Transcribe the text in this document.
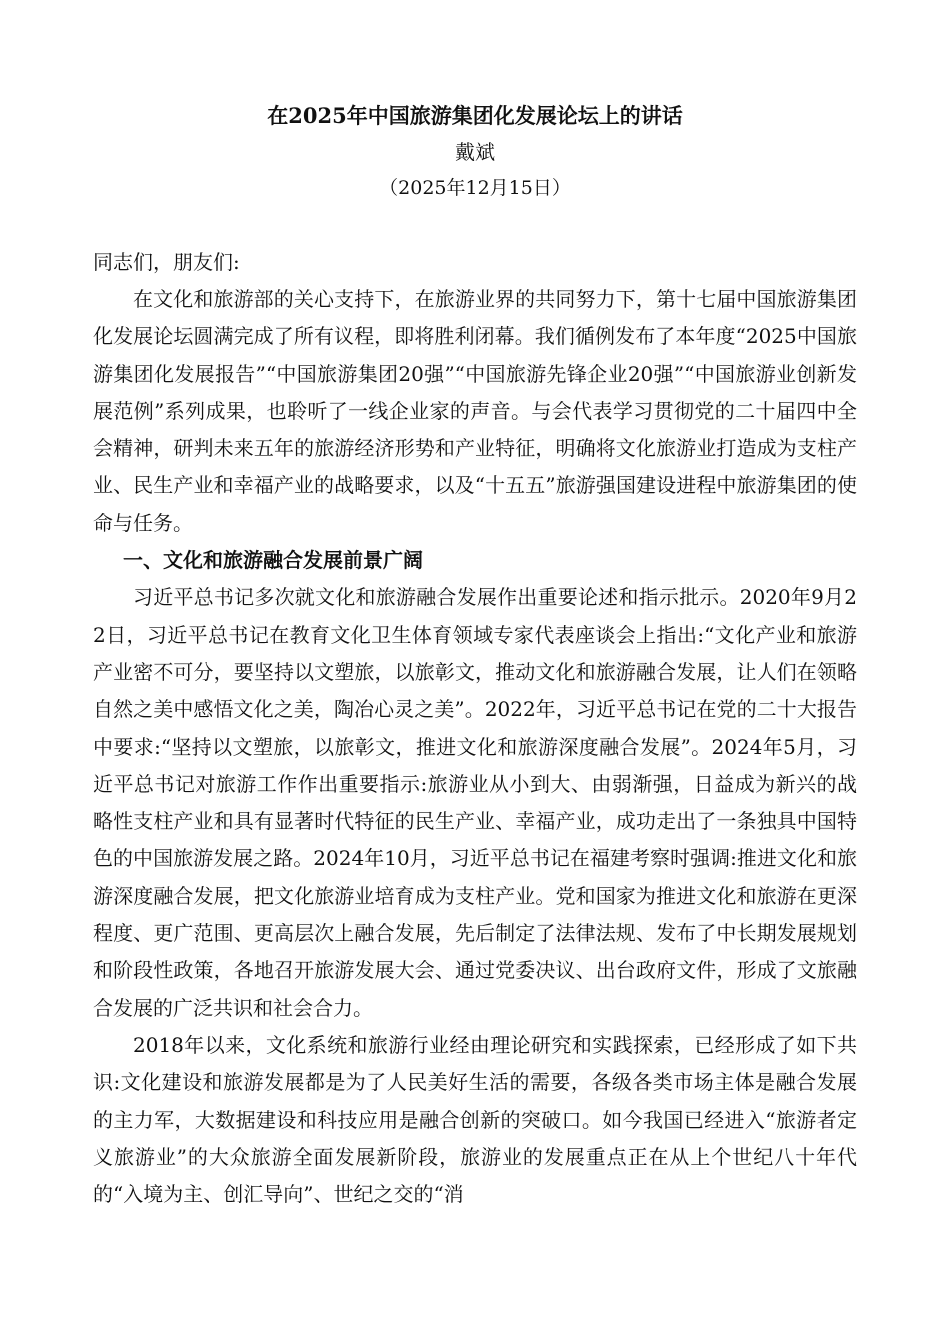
在2025年中国旅游集团化发展论坛上的讲话

戴斌

（2025年12月15日）

同志们，朋友们:

在文化和旅游部的关心支持下，在旅游业界的共同努力下，第十七届中国旅游集团化发展论坛圆满完成了所有议程，即将胜利闭幕。我们循例发布了本年度“2025中国旅游集团化发展报告”“中国旅游集团20强”“中国旅游先锋企业20强”“中国旅游业创新发展范例”系列成果，也聆听了一线企业家的声音。与会代表学习贯彻党的二十届四中全会精神，研判未来五年的旅游经济形势和产业特征，明确将文化旅游业打造成为支柱产业、民生产业和幸福产业的战略要求，以及“十五五”旅游强国建设进程中旅游集团的使命与任务。

一、文化和旅游融合发展前景广阔

习近平总书记多次就文化和旅游融合发展作出重要论述和指示批示。2020年9月22日，习近平总书记在教育文化卫生体育领域专家代表座谈会上指出:“文化产业和旅游产业密不可分，要坚持以文塑旅，以旅彰文，推动文化和旅游融合发展，让人们在领略自然之美中感悟文化之美，陶冶心灵之美”。2022年，习近平总书记在党的二十大报告中要求:“坚持以文塑旅，以旅彰文，推进文化和旅游深度融合发展”。2024年5月，习近平总书记对旅游工作作出重要指示:旅游业从小到大、由弱渐强，日益成为新兴的战略性支柱产业和具有显著时代特征的民生产业、幸福产业，成功走出了一条独具中国特色的中国旅游发展之路。2024年10月，习近平总书记在福建考察时强调:推进文化和旅游深度融合发展，把文化旅游业培育成为支柱产业。党和国家为推进文化和旅游在更深程度、更广范围、更高层次上融合发展，先后制定了法律法规、发布了中长期发展规划和阶段性政策，各地召开旅游发展大会、通过党委决议、出台政府文件，形成了文旅融合发展的广泛共识和社会合力。

2018年以来，文化系统和旅游行业经由理论研究和实践探索，已经形成了如下共识:文化建设和旅游发展都是为了人民美好生活的需要，各级各类市场主体是融合发展的主力军，大数据建设和科技应用是融合创新的突破口。如今我国已经进入“旅游者定义旅游业”的大众旅游全面发展新阶段，旅游业的发展重点正在从上个世纪八十年代的“入境为主、创汇导向”、世纪之交的“消
